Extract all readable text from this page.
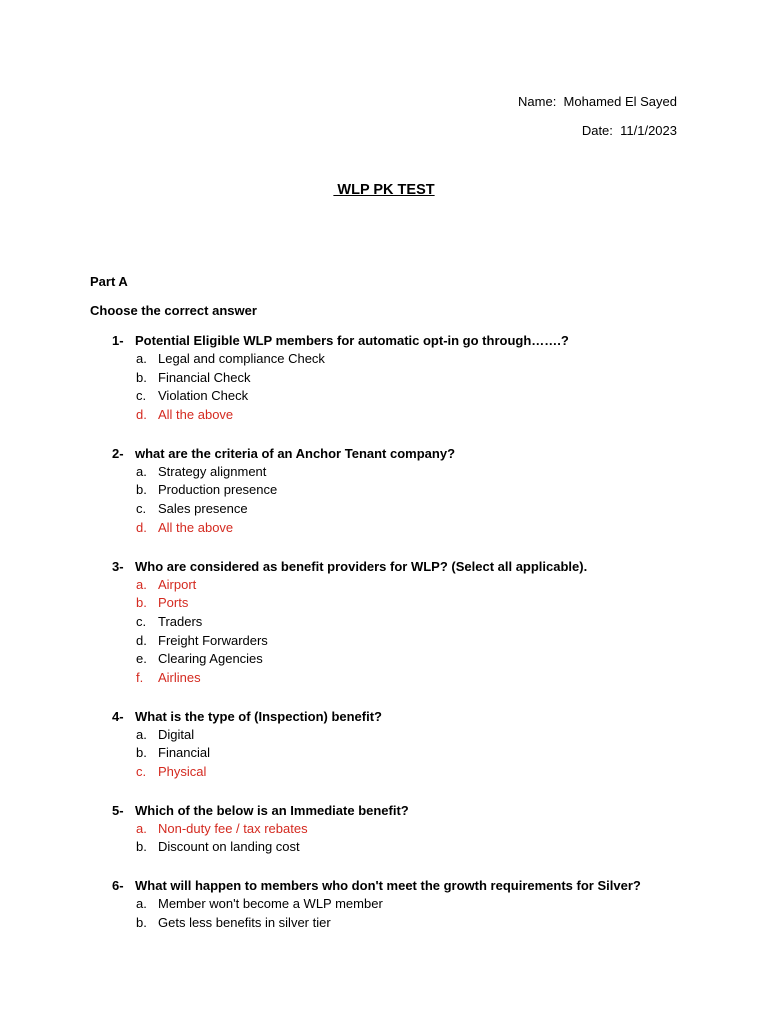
Name:  Mohamed El Sayed
Date:  11/1/2023
WLP PK TEST
Part A
Choose the correct answer
1- Potential Eligible WLP members for automatic opt-in go through…….?
a. Legal and compliance Check
b. Financial Check
c. Violation Check
d. All the above
2- what are the criteria of an Anchor Tenant company?
a. Strategy alignment
b. Production presence
c. Sales presence
d. All the above
3- Who are considered as benefit providers for WLP? (Select all applicable).
a. Airport
b. Ports
c. Traders
d. Freight Forwarders
e. Clearing Agencies
f. Airlines
4- What is the type of (Inspection) benefit?
a. Digital
b. Financial
c. Physical
5- Which of the below is an Immediate benefit?
a. Non-duty fee / tax rebates
b. Discount on landing cost
6- What will happen to members who don't meet the growth requirements for Silver?
a. Member won't become a WLP member
b. Gets less benefits in silver tier
